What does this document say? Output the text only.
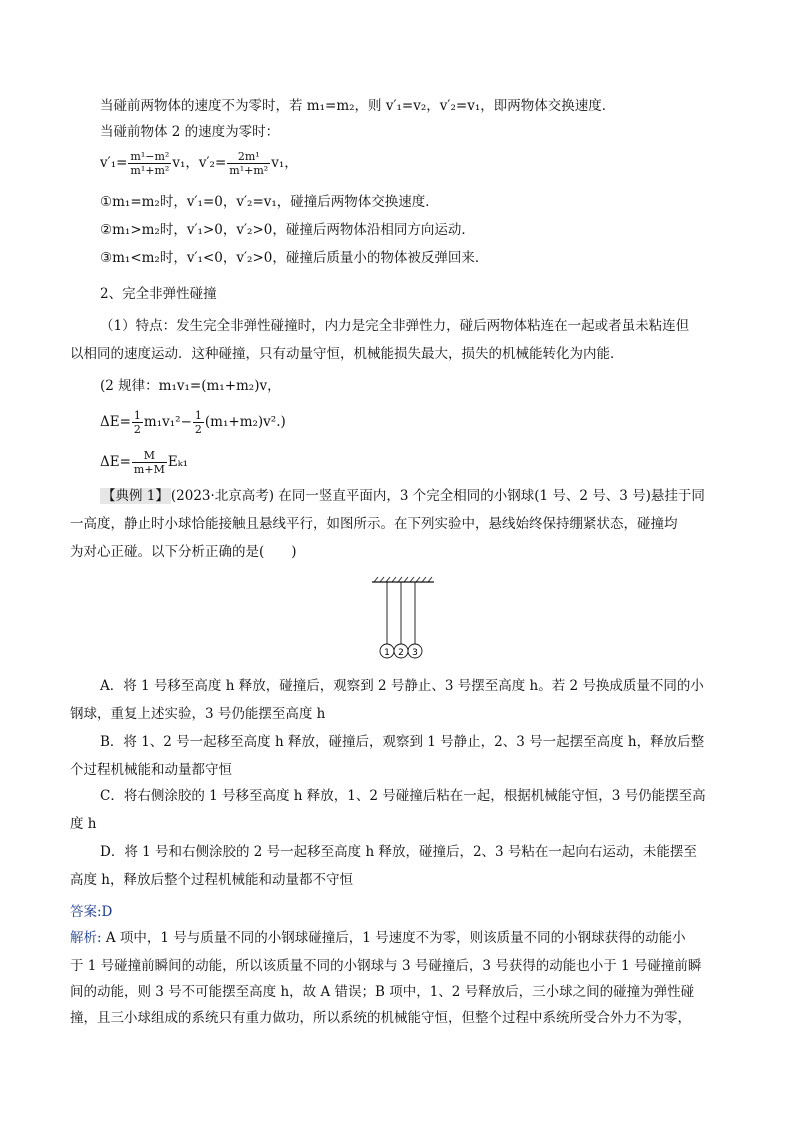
当碰前两物体的速度不为零时，若 m₁=m₂，则 v′₁=v₂，v′₂=v₁，即两物体交换速度．
当碰前物体 2 的速度为零时：
$v'_1= \frac{\text{m¹−m²}}{\text{m¹+m²}} v_1$，$v'_2= \frac{\text{2m¹}}{\text{m¹+m²}} v_1$，
①m₁=m₂时，v′₁=0，v′₂=v₁，碰撞后两物体交换速度．
②m₁>m₂时，v′₁>0，v′₂>0，碰撞后两物体沿相同方向运动．
③m₁<m₂时，v′₁<0，v′₂>0，碰撞后质量小的物体被反弹回来．
2、完全非弹性碰撞
（1）特点：发生完全非弹性碰撞时，内力是完全非弹性力，碰后两物体粘连在一起或者虽未粘连但
以相同的速度运动．这种碰撞，只有动量守恒，机械能损失最大，损失的机械能转化为内能．
(2 规律：m₁v₁=(m₁+m₂)v，
$\Delta E= \frac{1}{2} m_1v_1^2- \frac{1}{2} (m_1+m_2)v^2$.)
$\Delta E= \frac{M}{m+M} E_{k1}$
【典例 1】 (2023·北京高考) 在同一竖直平面内，3 个完全相同的小钢球(1 号、2 号、3 号)悬挂于同
一高度，静止时小球恰能接触且悬线平行，如图所示。在下列实验中，悬线始终保持绷紧状态，碰撞均
为对心正碰。以下分析正确的是(　　)
1 2 3
A．将 1 号移至高度 h 释放，碰撞后，观察到 2 号静止、3 号摆至高度 h。若 2 号换成质量不同的小
钢球，重复上述实验，3 号仍能摆至高度 h
B．将 1、2 号一起移至高度 h 释放，碰撞后，观察到 1 号静止，2、3 号一起摆至高度 h，释放后整
个过程机械能和动量都守恒
C．将右侧涂胶的 1 号移至高度 h 释放，1、2 号碰撞后粘在一起，根据机械能守恒，3 号仍能摆至高
度 h
D．将 1 号和右侧涂胶的 2 号一起移至高度 h 释放，碰撞后，2、3 号粘在一起向右运动，未能摆至
高度 h，释放后整个过程机械能和动量都不守恒
答案:D
解析: A 项中，1 号与质量不同的小钢球碰撞后，1 号速度不为零，则该质量不同的小钢球获得的动能小
于 1 号碰撞前瞬间的动能，所以该质量不同的小钢球与 3 号碰撞后，3 号获得的动能也小于 1 号碰撞前瞬
间的动能，则 3 号不可能摆至高度 h，故 A 错误；B 项中，1、2 号释放后，三小球之间的碰撞为弹性碰
撞，且三小球组成的系统只有重力做功，所以系统的机械能守恒，但整个过程中系统所受合外力不为零，
